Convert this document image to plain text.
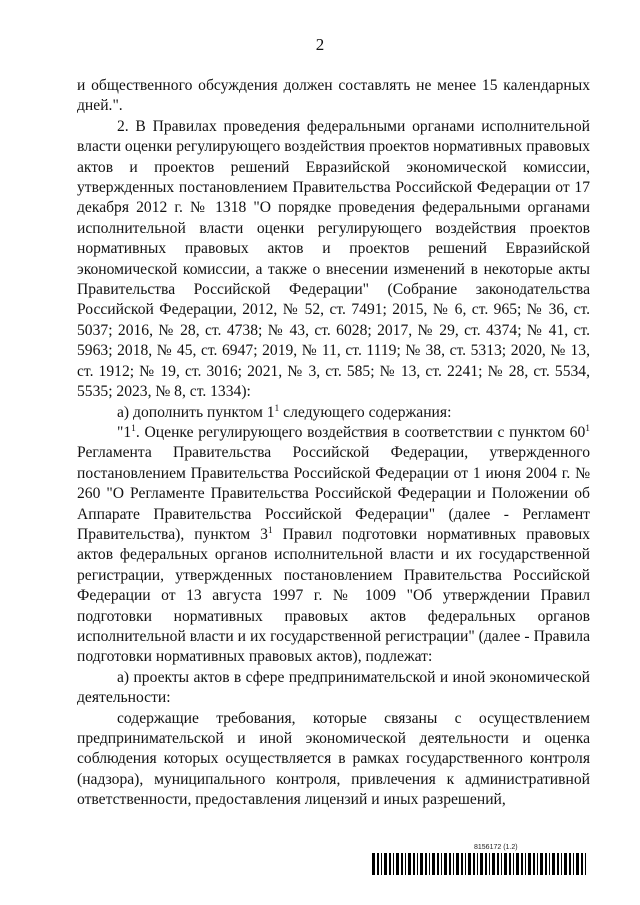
2

и общественного обсуждения должен составлять не менее 15 календарных дней.".

2. В Правилах проведения федеральными органами исполнительной власти оценки регулирующего воздействия проектов нормативных правовых актов и проектов решений Евразийской экономической комиссии, утвержденных постановлением Правительства Российской Федерации от 17 декабря 2012 г. № 1318 "О порядке проведения федеральными органами исполнительной власти оценки регулирующего воздействия проектов нормативных правовых актов и проектов решений Евразийской экономической комиссии, а также о внесении изменений в некоторые акты Правительства Российской Федерации" (Собрание законодательства Российской Федерации, 2012, № 52, ст. 7491; 2015, № 6, ст. 965; № 36, ст. 5037; 2016, № 28, ст. 4738; № 43, ст. 6028; 2017, № 29, ст. 4374; № 41, ст. 5963; 2018, № 45, ст. 6947; 2019, № 11, ст. 1119; № 38, ст. 5313; 2020, № 13, ст. 1912; № 19, ст. 3016; 2021, № 3, ст. 585; № 13, ст. 2241; № 28, ст. 5534, 5535; 2023, № 8, ст. 1334):

а) дополнить пунктом $1^1$ следующего содержания:

"$1^1$. Оценке регулирующего воздействия в соответствии с пунктом $60^1$ Регламента Правительства Российской Федерации, утвержденного постановлением Правительства Российской Федерации от 1 июня 2004 г. № 260 "О Регламенте Правительства Российской Федерации и Положении об Аппарате Правительства Российской Федерации" (далее - Регламент Правительства), пунктом $3^1$ Правил подготовки нормативных правовых актов федеральных органов исполнительной власти и их государственной регистрации, утвержденных постановлением Правительства Российской Федерации от 13 августа 1997 г. № 1009 "Об утверждении Правил подготовки нормативных правовых актов федеральных органов исполнительной власти и их государственной регистрации" (далее - Правила подготовки нормативных правовых актов), подлежат:

а) проекты актов в сфере предпринимательской и иной экономической деятельности:

содержащие требования, которые связаны с осуществлением предпринимательской и иной экономической деятельности и оценка соблюдения которых осуществляется в рамках государственного контроля (надзора), муниципального контроля, привлечения к административной ответственности, предоставления лицензий и иных разрешений,

8156172 (1.2)
